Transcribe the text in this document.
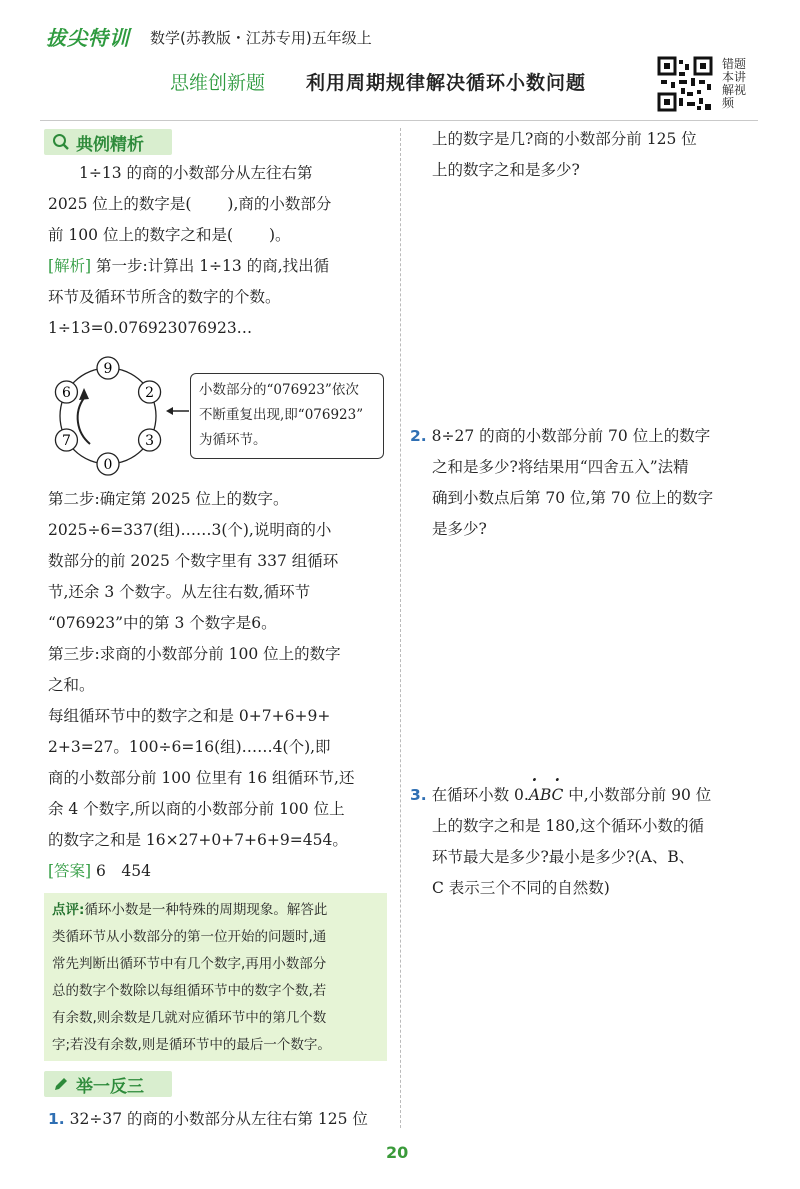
拔尖特训 数学(苏教版・江苏专用)五年级上
思维创新题 利用周期规律解决循环小数问题
错题本讲解视频
典例精析

1÷13 的商的小数部分从左往右第

2025 位上的数字是( ),商的小数部分

前 100 位上的数字之和是( )。

[解析] 第一步:计算出 1÷13 的商,找出循

环节及循环节所含的数字的个数。

1÷13=0.076923076923…

9
2
3
0
7
6	小数部分的“076923”依次
不断重复出现,即“076923”
为循环节。

第二步:确定第 2025 位上的数字。

2025÷6=337(组)……3(个),说明商的小

数部分的前 2025 个数字里有 337 组循环

节,还余 3 个数字。从左往右数,循环节

“076923”中的第 3 个数字是6。

第三步:求商的小数部分前 100 位上的数字

之和。

每组循环节中的数字之和是 0+7+6+9+

2+3=27。100÷6=16(组)……4(个),即

商的小数部分前 100 位里有 16 组循环节,还

余 4 个数字,所以商的小数部分前 100 位上

的数字之和是 16×27+0+7+6+9=454。

[答案] 6　454

点评:循环小数是一种特殊的周期现象。解答此
类循环节从小数部分的第一位开始的问题时,通
常先判断出循环节中有几个数字,再用小数部分
总的数字个数除以每组循环节中的数字个数,若
有余数,则余数是几就对应循环节中的第几个数
字;若没有余数,则是循环节中的最后一个数字。
举一反三

1. 32÷37 的商的小数部分从左往右第 125 位

上的数字是几?商的小数部分前 125 位

上的数字之和是多少?

2. 8÷27 的商的小数部分前 70 位上的数字

之和是多少?将结果用“四舍五入”法精

确到小数点后第 70 位,第 70 位上的数字

是多少?

3. 在循环小数 0.· AB· C 中,小数部分前 90 位

上的数字之和是 180,这个循环小数的循

环节最大是多少?最小是多少?(A、B、

C 表示三个不同的自然数)

20
